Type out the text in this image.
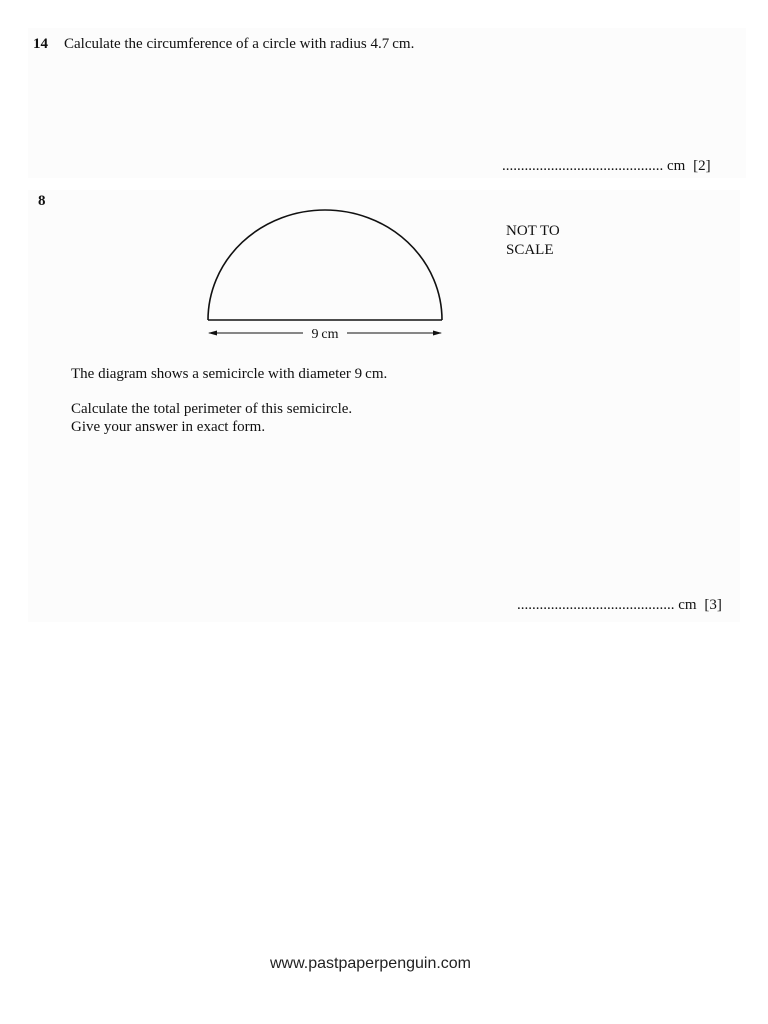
14 Calculate the circumference of a circle with radius 4.7 cm.
........................................... cm [2]
8
9 cm
NOT TO
SCALE
The diagram shows a semicircle with diameter 9 cm.
Calculate the total perimeter of this semicircle.
Give your answer in exact form.
.......................................... cm [3]
www.pastpaperpenguin.com
